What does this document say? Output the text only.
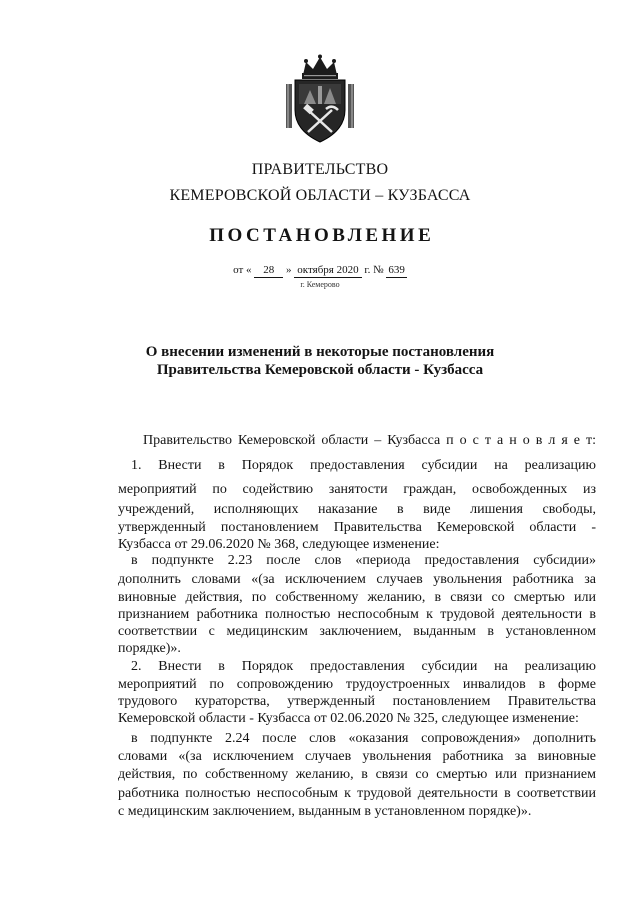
ПРАВИТЕЛЬСТВО
КЕМЕРОВСКОЙ ОБЛАСТИ – КУЗБАССА
ПОСТАНОВЛЕНИЕ
от « 28 » октября 2020 г. № 639
г. Кемерово
О внесении изменений в некоторые постановления
Правительства Кемеровской области - Кузбасса
Правительство Кемеровской области – Кузбасса п о с т а н о в л я е т:
1. Внести в Порядок предоставления субсидии на реализацию
мероприятий по содействию занятости граждан, освобожденных из
учреждений, исполняющих наказание в виде лишения свободы,
утвержденный постановлением Правительства Кемеровской области -
Кузбасса от 29.06.2020 № 368, следующее изменение:
в подпункте 2.23 после слов «периода предоставления субсидии»
дополнить словами «(за исключением случаев увольнения работника за
виновные действия, по собственному желанию, в связи со смертью или
признанием работника полностью неспособным к трудовой деятельности в
соответствии с медицинским заключением, выданным в установленном
порядке)».
2. Внести в Порядок предоставления субсидии на реализацию
мероприятий по сопровождению трудоустроенных инвалидов в форме
трудового кураторства, утвержденный постановлением Правительства
Кемеровской области - Кузбасса от 02.06.2020 № 325, следующее изменение:
в подпункте 2.24 после слов «оказания сопровождения» дополнить
словами «(за исключением случаев увольнения работника за виновные
действия, по собственному желанию, в связи со смертью или признанием
работника полностью неспособным к трудовой деятельности в соответствии
с медицинским заключением, выданным в установленном порядке)».
